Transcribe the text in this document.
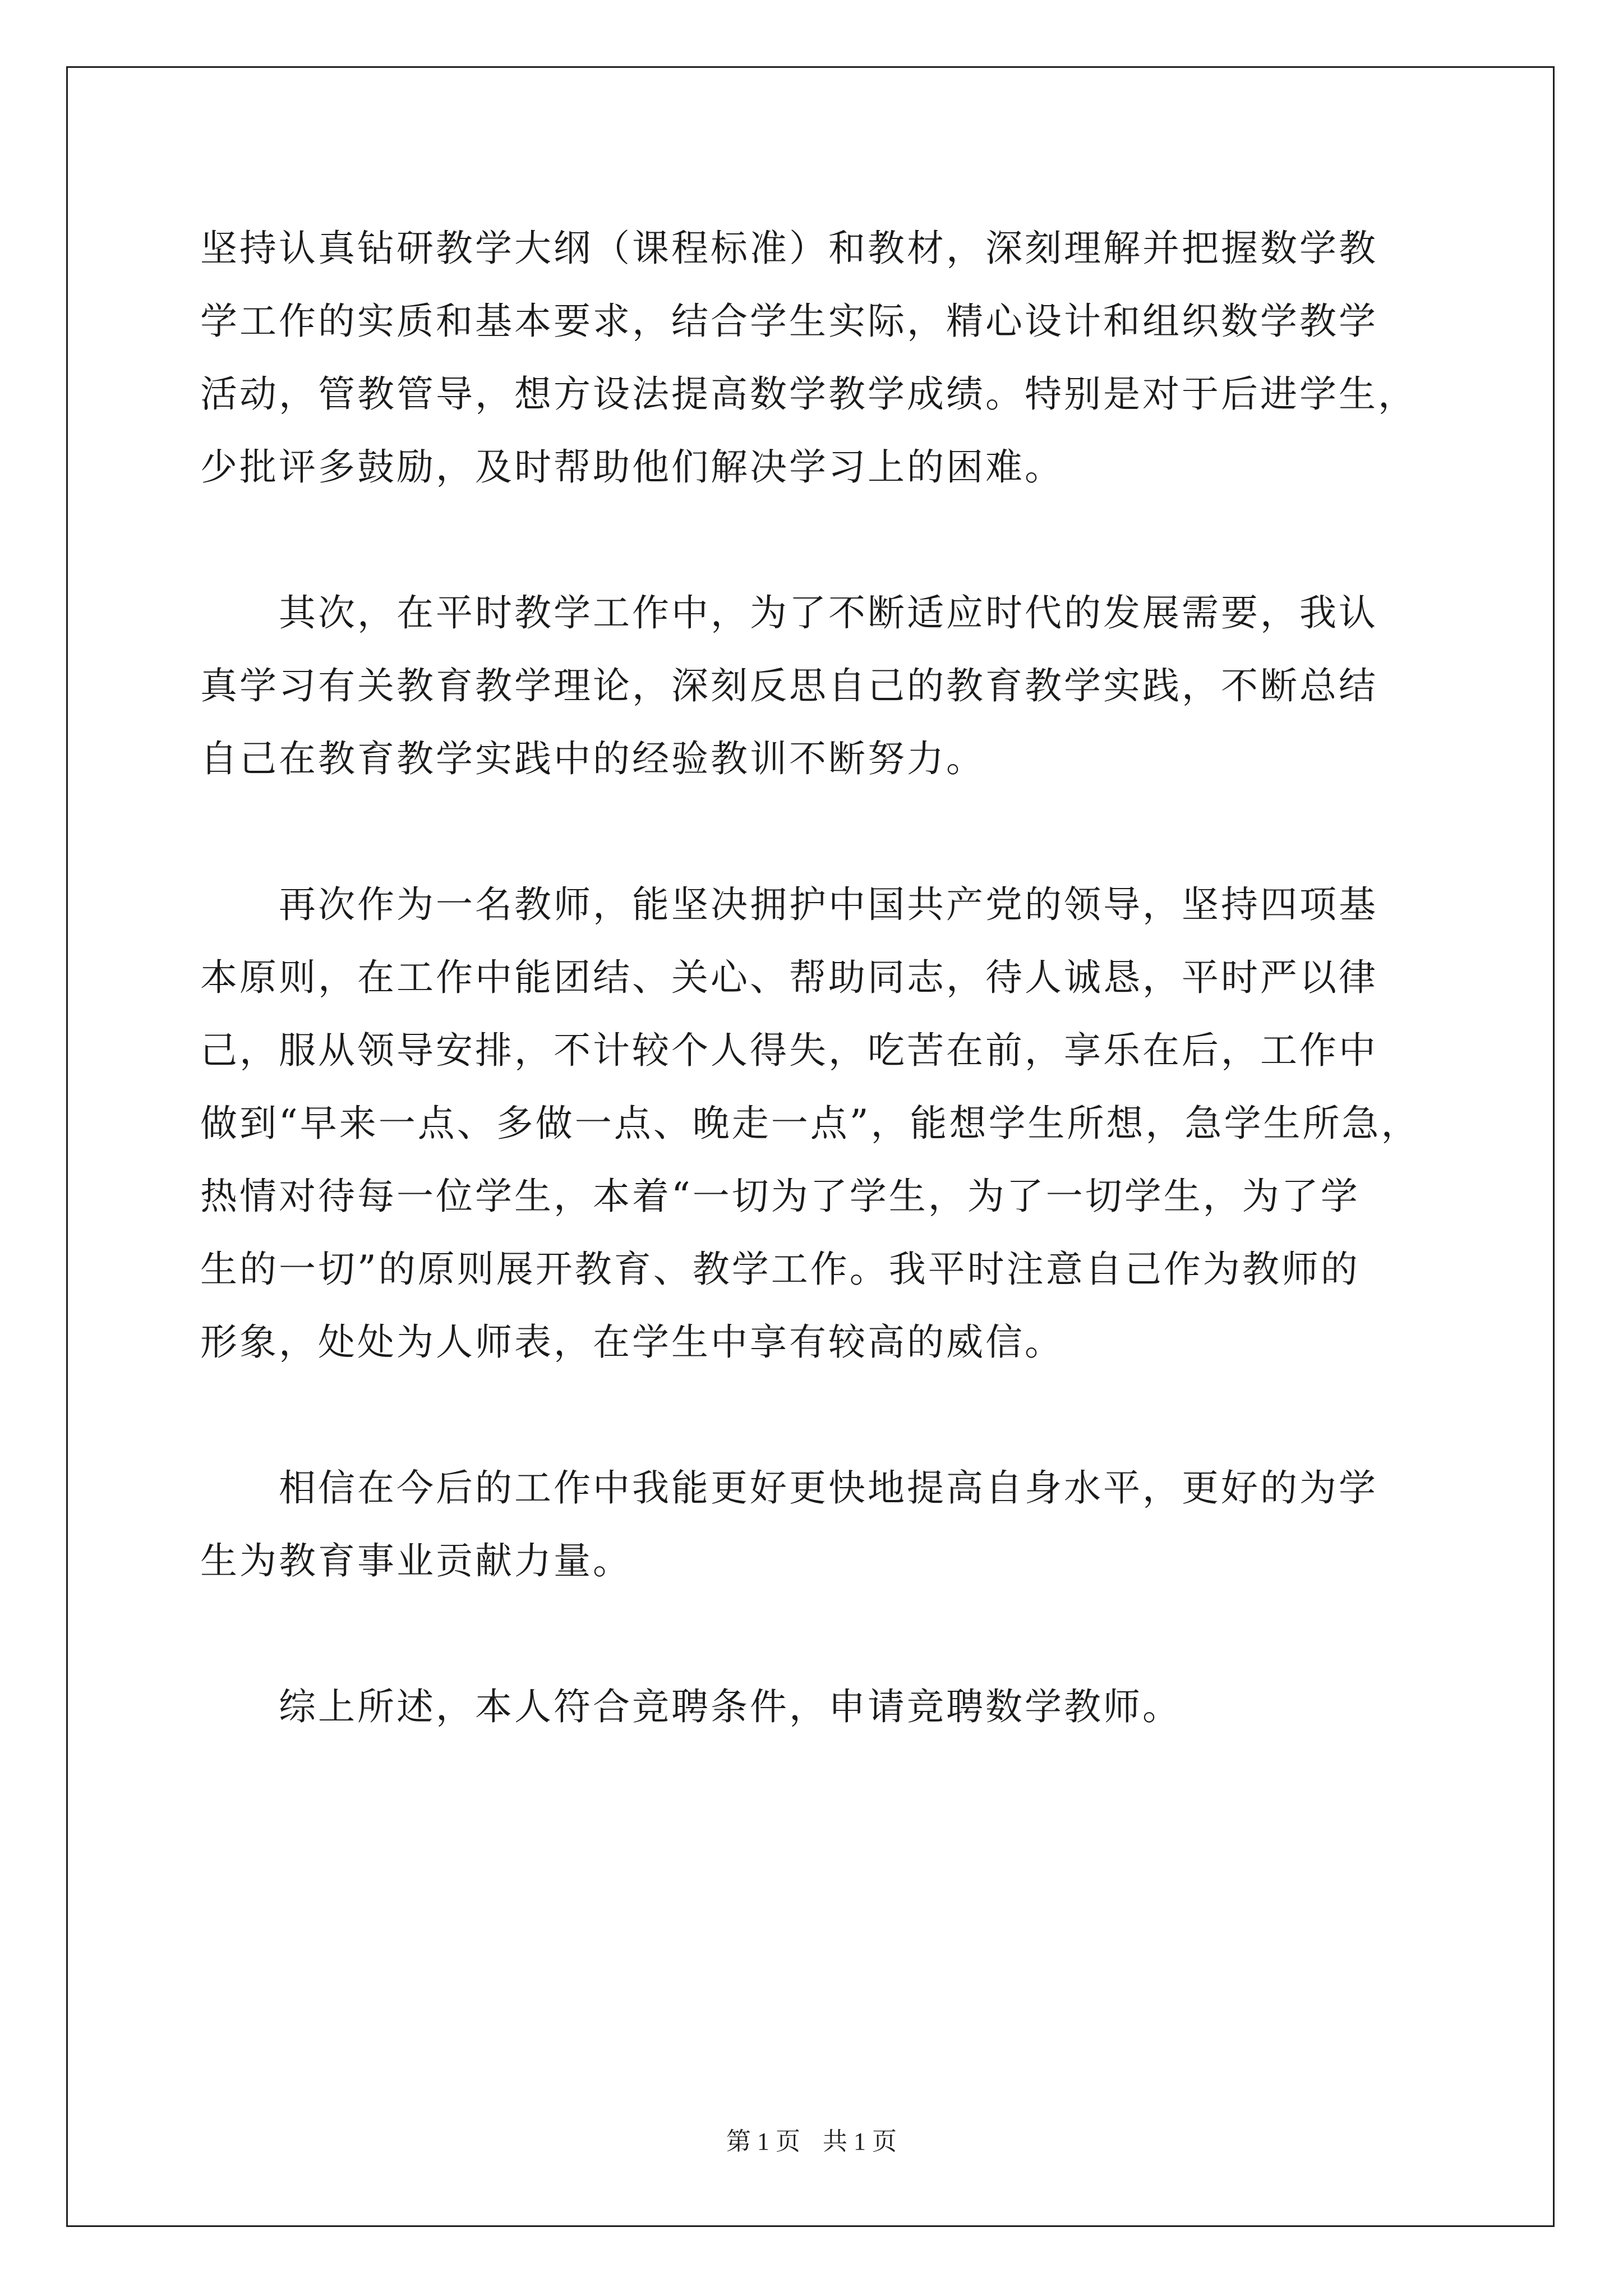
坚持认真钻研教学大纲（课程标准）和教材，深刻理解并把握数学教
学工作的实质和基本要求，结合学生实际，精心设计和组织数学教学
活动，管教管导，想方设法提高数学教学成绩。特别是对于后进学生，
少批评多鼓励，及时帮助他们解决学习上的困难。
其次，在平时教学工作中，为了不断适应时代的发展需要，我认
真学习有关教育教学理论，深刻反思自己的教育教学实践，不断总结
自己在教育教学实践中的经验教训不断努力。
再次作为一名教师，能坚决拥护中国共产党的领导，坚持四项基
本原则，在工作中能团结、关心、帮助同志，待人诚恳，平时严以律
己，服从领导安排，不计较个人得失，吃苦在前，享乐在后，工作中
做到“早来一点、多做一点、晚走一点”，能想学生所想，急学生所急，
热情对待每一位学生，本着“一切为了学生，为了一切学生，为了学
生的一切”的原则展开教育、教学工作。我平时注意自己作为教师的
形象，处处为人师表，在学生中享有较高的威信。
相信在今后的工作中我能更好更快地提高自身水平，更好的为学
生为教育事业贡献力量。
综上所述，本人符合竞聘条件，申请竞聘数学教师。
第 1 页 共 1 页
